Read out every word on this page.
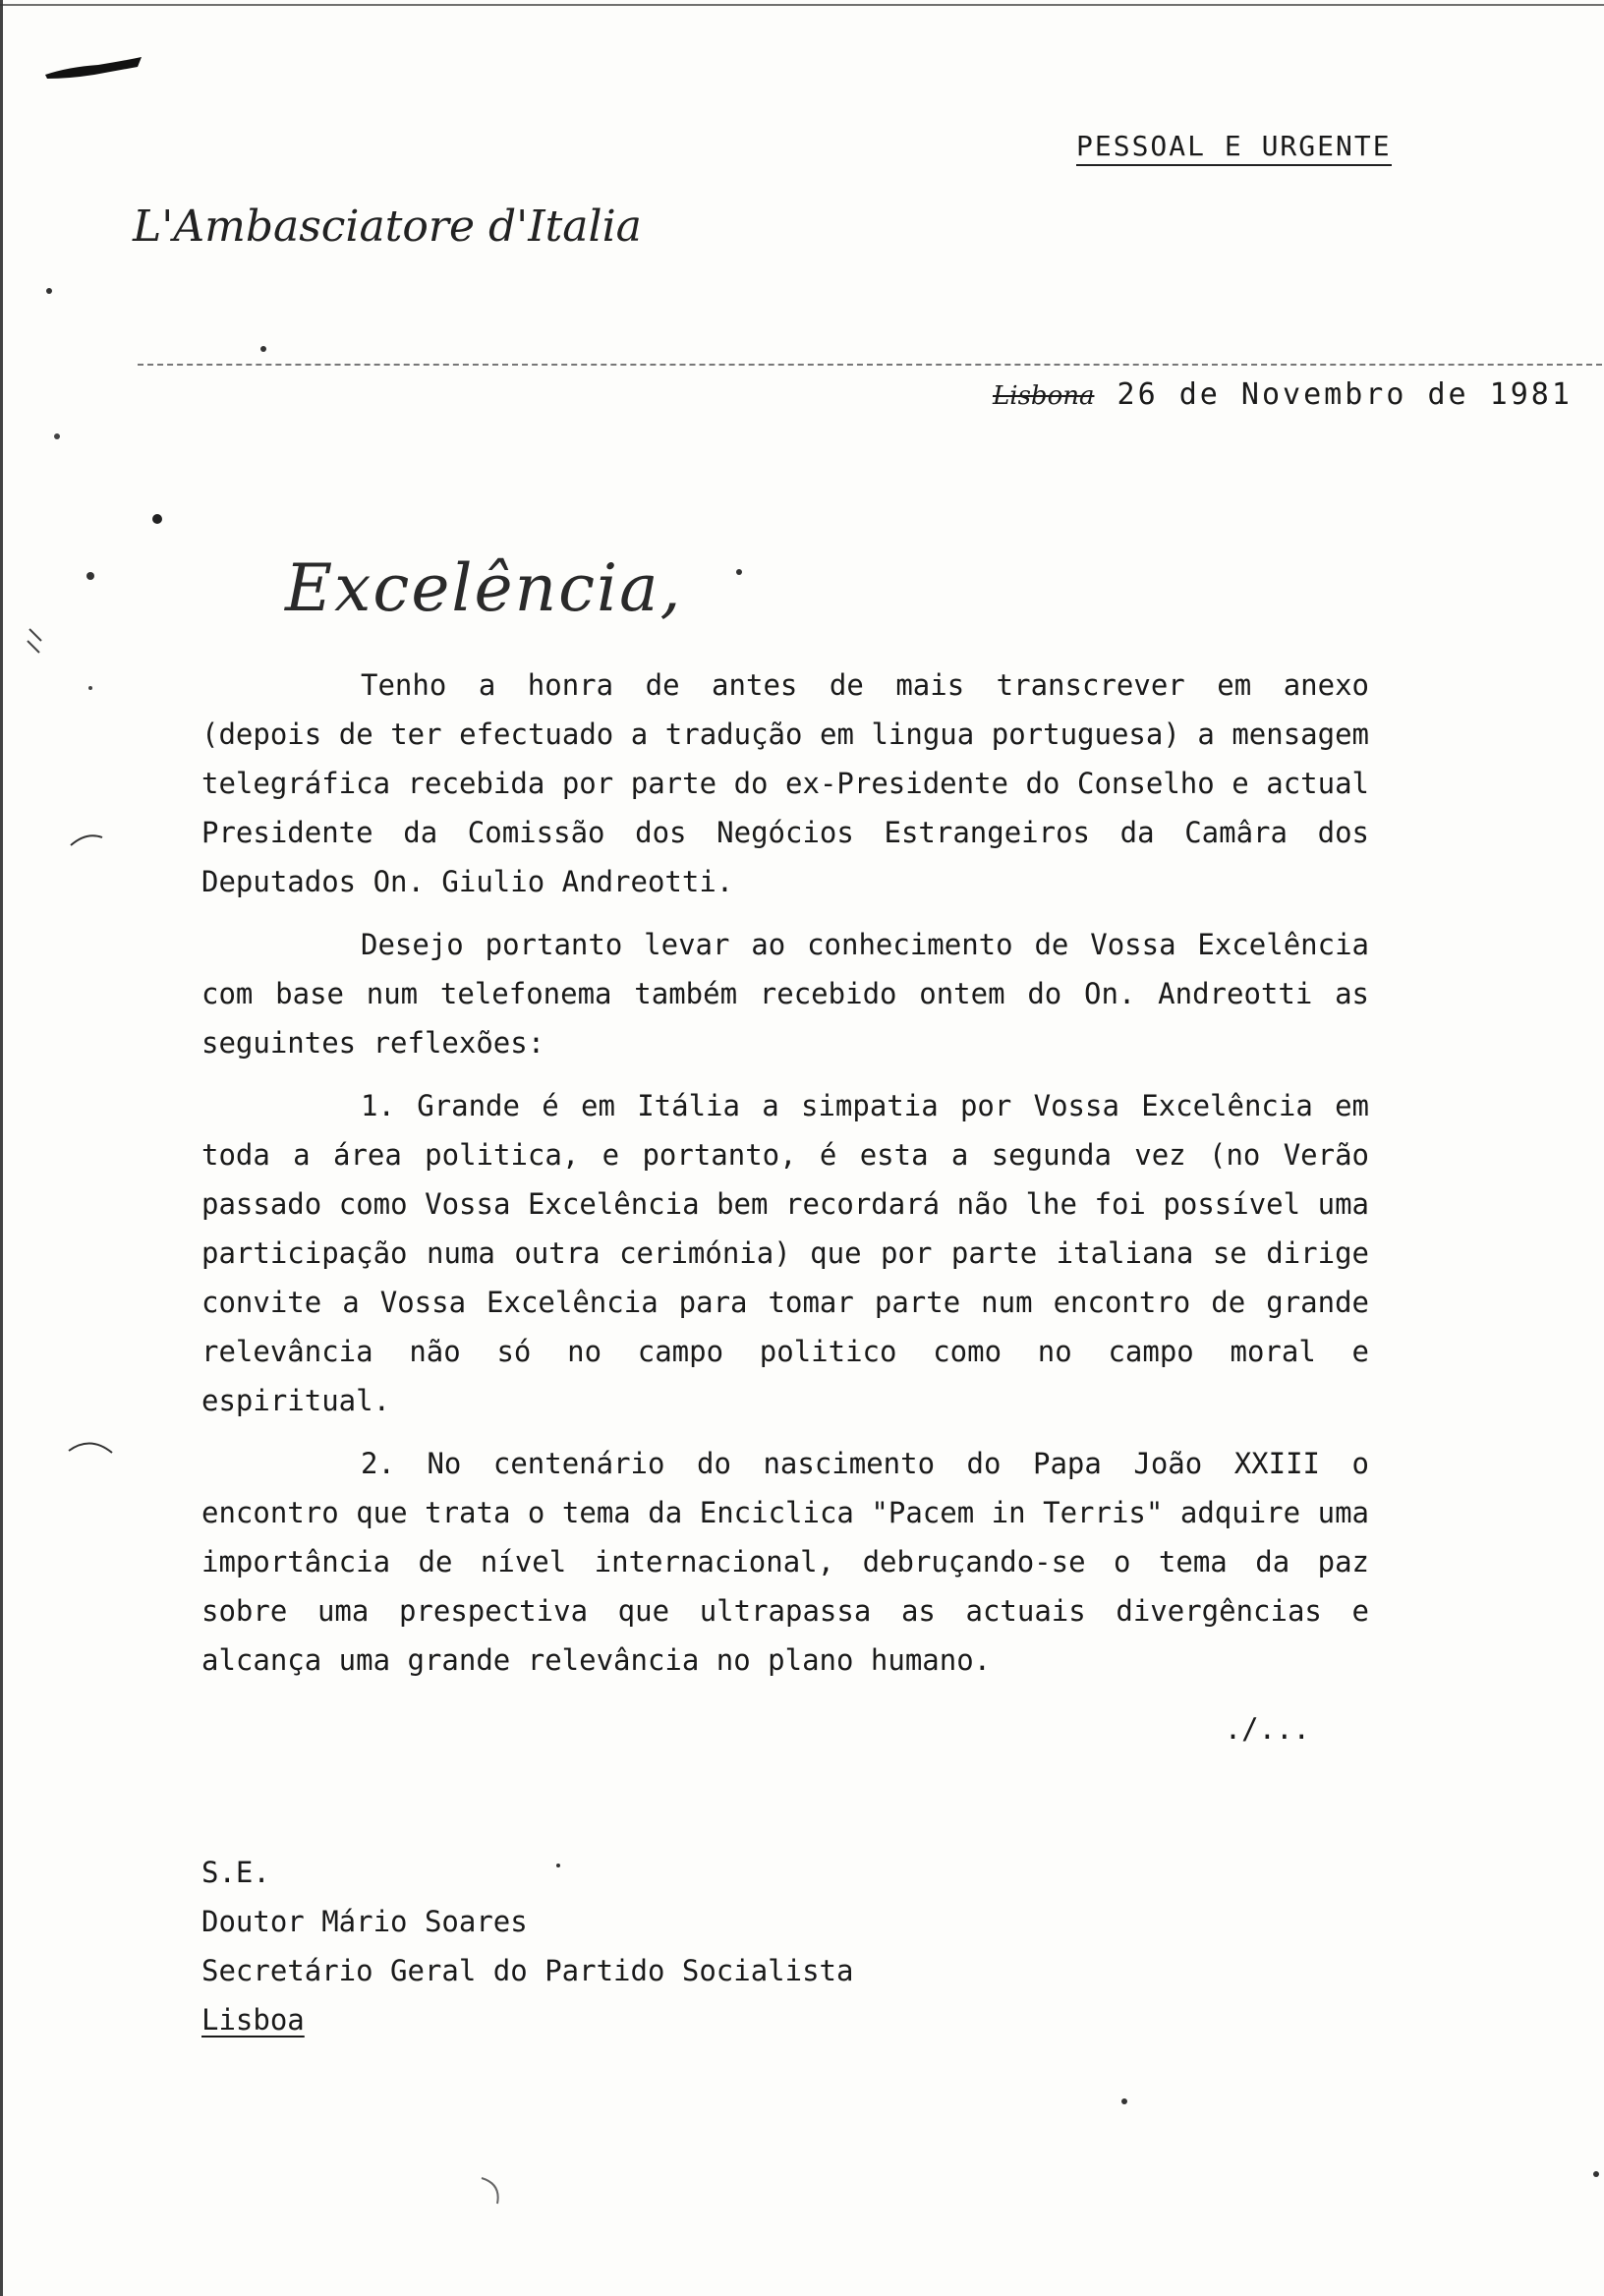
PESSOAL E URGENTE
L'Ambasciatore d'Italia
Lisbona 26 de Novembro de 1981
Excelência,

Tenho a honra de antes de mais transcrever em anexo (depois de ter efectuado a tradução em lingua portuguesa) a mensagem telegráfica recebida por parte do ex-Presidente do Conselho e actual Presidente da Comissão dos Negócios Estrangeiros da Camâra dos Deputados On. Giulio Andreotti.

Desejo portanto levar ao conhecimento de Vossa Excelência com base num telefonema também recebido ontem do On. Andreotti as seguintes reflexões:

1. Grande é em Itália a simpatia por Vossa Excelência em toda a área politica, e portanto, é esta a segunda vez (no Verão passado como Vossa Excelência bem recordará não lhe foi possível uma participação numa outra cerimónia) que por parte italiana se dirige convite a Vossa Excelência para tomar parte num encontro de grande relevância não só no campo politico como no campo moral e espiritual.

2. No centenário do nascimento do Papa João XXIII o encontro que trata o tema da Enciclica "Pacem in Terris" adquire uma importância de nível internacional, debruçando-se o tema da paz sobre uma prespectiva que ultrapassa as actuais divergências e alcança uma grande relevância no plano humano.

./...
S.E.
Doutor Mário Soares
Secretário Geral do Partido Socialista
Lisboa
